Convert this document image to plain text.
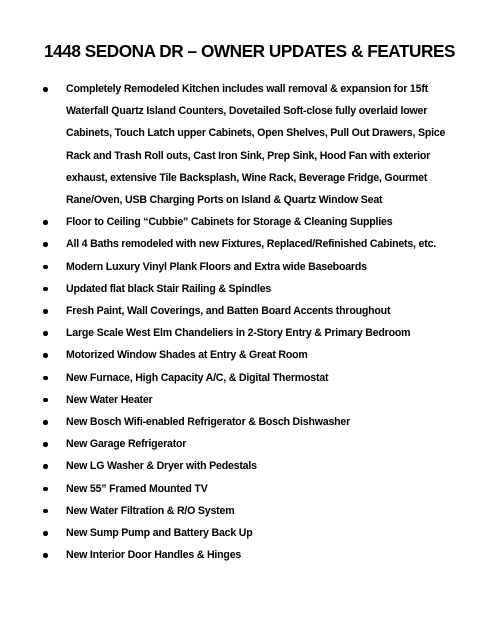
1448 SEDONA DR – OWNER UPDATES & FEATURES
Completely Remodeled Kitchen includes wall removal & expansion for 15ft
Waterfall Quartz Island Counters, Dovetailed Soft-close fully overlaid lower
Cabinets, Touch Latch upper Cabinets, Open Shelves, Pull Out Drawers, Spice
Rack and Trash Roll outs, Cast Iron Sink, Prep Sink, Hood Fan with exterior
exhaust, extensive Tile Backsplash, Wine Rack, Beverage Fridge, Gourmet
Rane/Oven, USB Charging Ports on Island & Quartz Window Seat
Floor to Ceiling “Cubbie” Cabinets for Storage & Cleaning Supplies
All 4 Baths remodeled with new Fixtures, Replaced/Refinished Cabinets, etc.
Modern Luxury Vinyl Plank Floors and Extra wide Baseboards
Updated flat black Stair Railing & Spindles
Fresh Paint, Wall Coverings, and Batten Board Accents throughout
Large Scale West Elm Chandeliers in 2-Story Entry & Primary Bedroom
Motorized Window Shades at Entry & Great Room
New Furnace, High Capacity A/C, & Digital Thermostat
New Water Heater
New Bosch Wifi-enabled Refrigerator & Bosch Dishwasher
New Garage Refrigerator
New LG Washer & Dryer with Pedestals
New 55” Framed Mounted TV
New Water Filtration & R/O System
New Sump Pump and Battery Back Up
New Interior Door Handles & Hinges
